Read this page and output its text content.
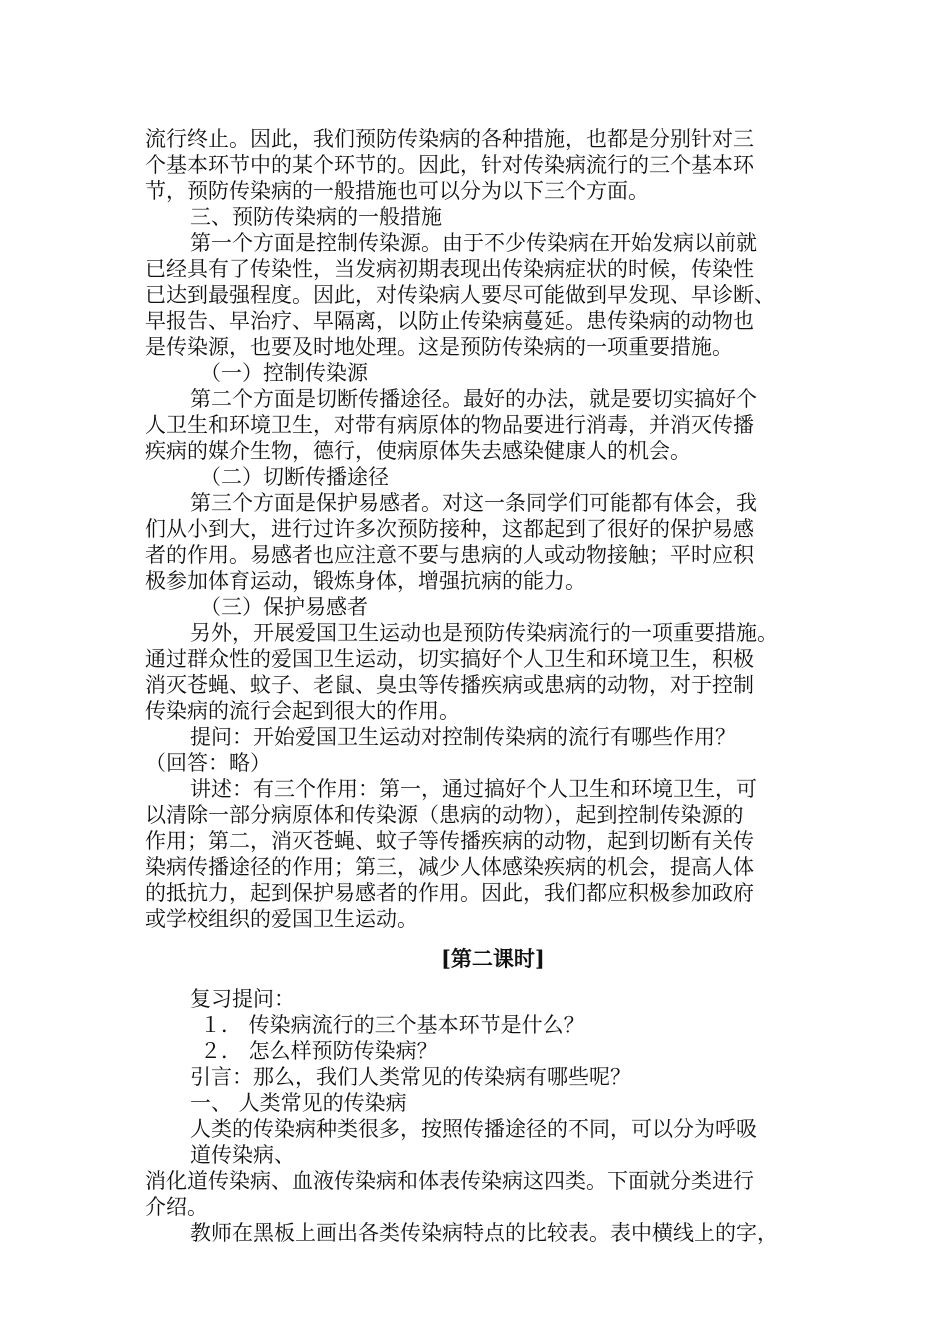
流行终止。因此，我们预防传染病的各种措施，也都是分别针对三
个基本环节中的某个环节的。因此，针对传染病流行的三个基本环
节，预防传染病的一般措施也可以分为以下三个方面。
三、预防传染病的一般措施
第一个方面是控制传染源。由于不少传染病在开始发病以前就
已经具有了传染性，当发病初期表现出传染病症状的时候，传染性
已达到最强程度。因此，对传染病人要尽可能做到早发现、早诊断、
早报告、早治疗、早隔离，以防止传染病蔓延。患传染病的动物也
是传染源，也要及时地处理。这是预防传染病的一项重要措施。
（一）控制传染源
第二个方面是切断传播途径。最好的办法，就是要切实搞好个
人卫生和环境卫生，对带有病原体的物品要进行消毒，并消灭传播
疾病的媒介生物，德行，使病原体失去感染健康人的机会。
（二）切断传播途径
第三个方面是保护易感者。对这一条同学们可能都有体会，我
们从小到大，进行过许多次预防接种，这都起到了很好的保护易感
者的作用。易感者也应注意不要与患病的人或动物接触；平时应积
极参加体育运动，锻炼身体，增强抗病的能力。
（三）保护易感者
另外，开展爱国卫生运动也是预防传染病流行的一项重要措施。
通过群众性的爱国卫生运动，切实搞好个人卫生和环境卫生，积极
消灭苍蝇、蚊子、老鼠、臭虫等传播疾病或患病的动物，对于控制
传染病的流行会起到很大的作用。
提问：开始爱国卫生运动对控制传染病的流行有哪些作用？
（回答：略）
讲述：有三个作用：第一，通过搞好个人卫生和环境卫生，可
以清除一部分病原体和传染源（患病的动物），起到控制传染源的
作用；第二，消灭苍蝇、蚊子等传播疾病的动物，起到切断有关传
染病传播途径的作用；第三，减少人体感染疾病的机会，提高人体
的抵抗力，起到保护易感者的作用。因此，我们都应积极参加政府
或学校组织的爱国卫生运动。
[第二课时]
复习提问：
１． 传染病流行的三个基本环节是什么？
２． 怎么样预防传染病？
引言：那么，我们人类常见的传染病有哪些呢？
一、 人类常见的传染病
人类的传染病种类很多，按照传播途径的不同，可以分为呼吸
道传染病、
消化道传染病、血液传染病和体表传染病这四类。下面就分类进行
介绍。
教师在黑板上画出各类传染病特点的比较表。表中横线上的字，
